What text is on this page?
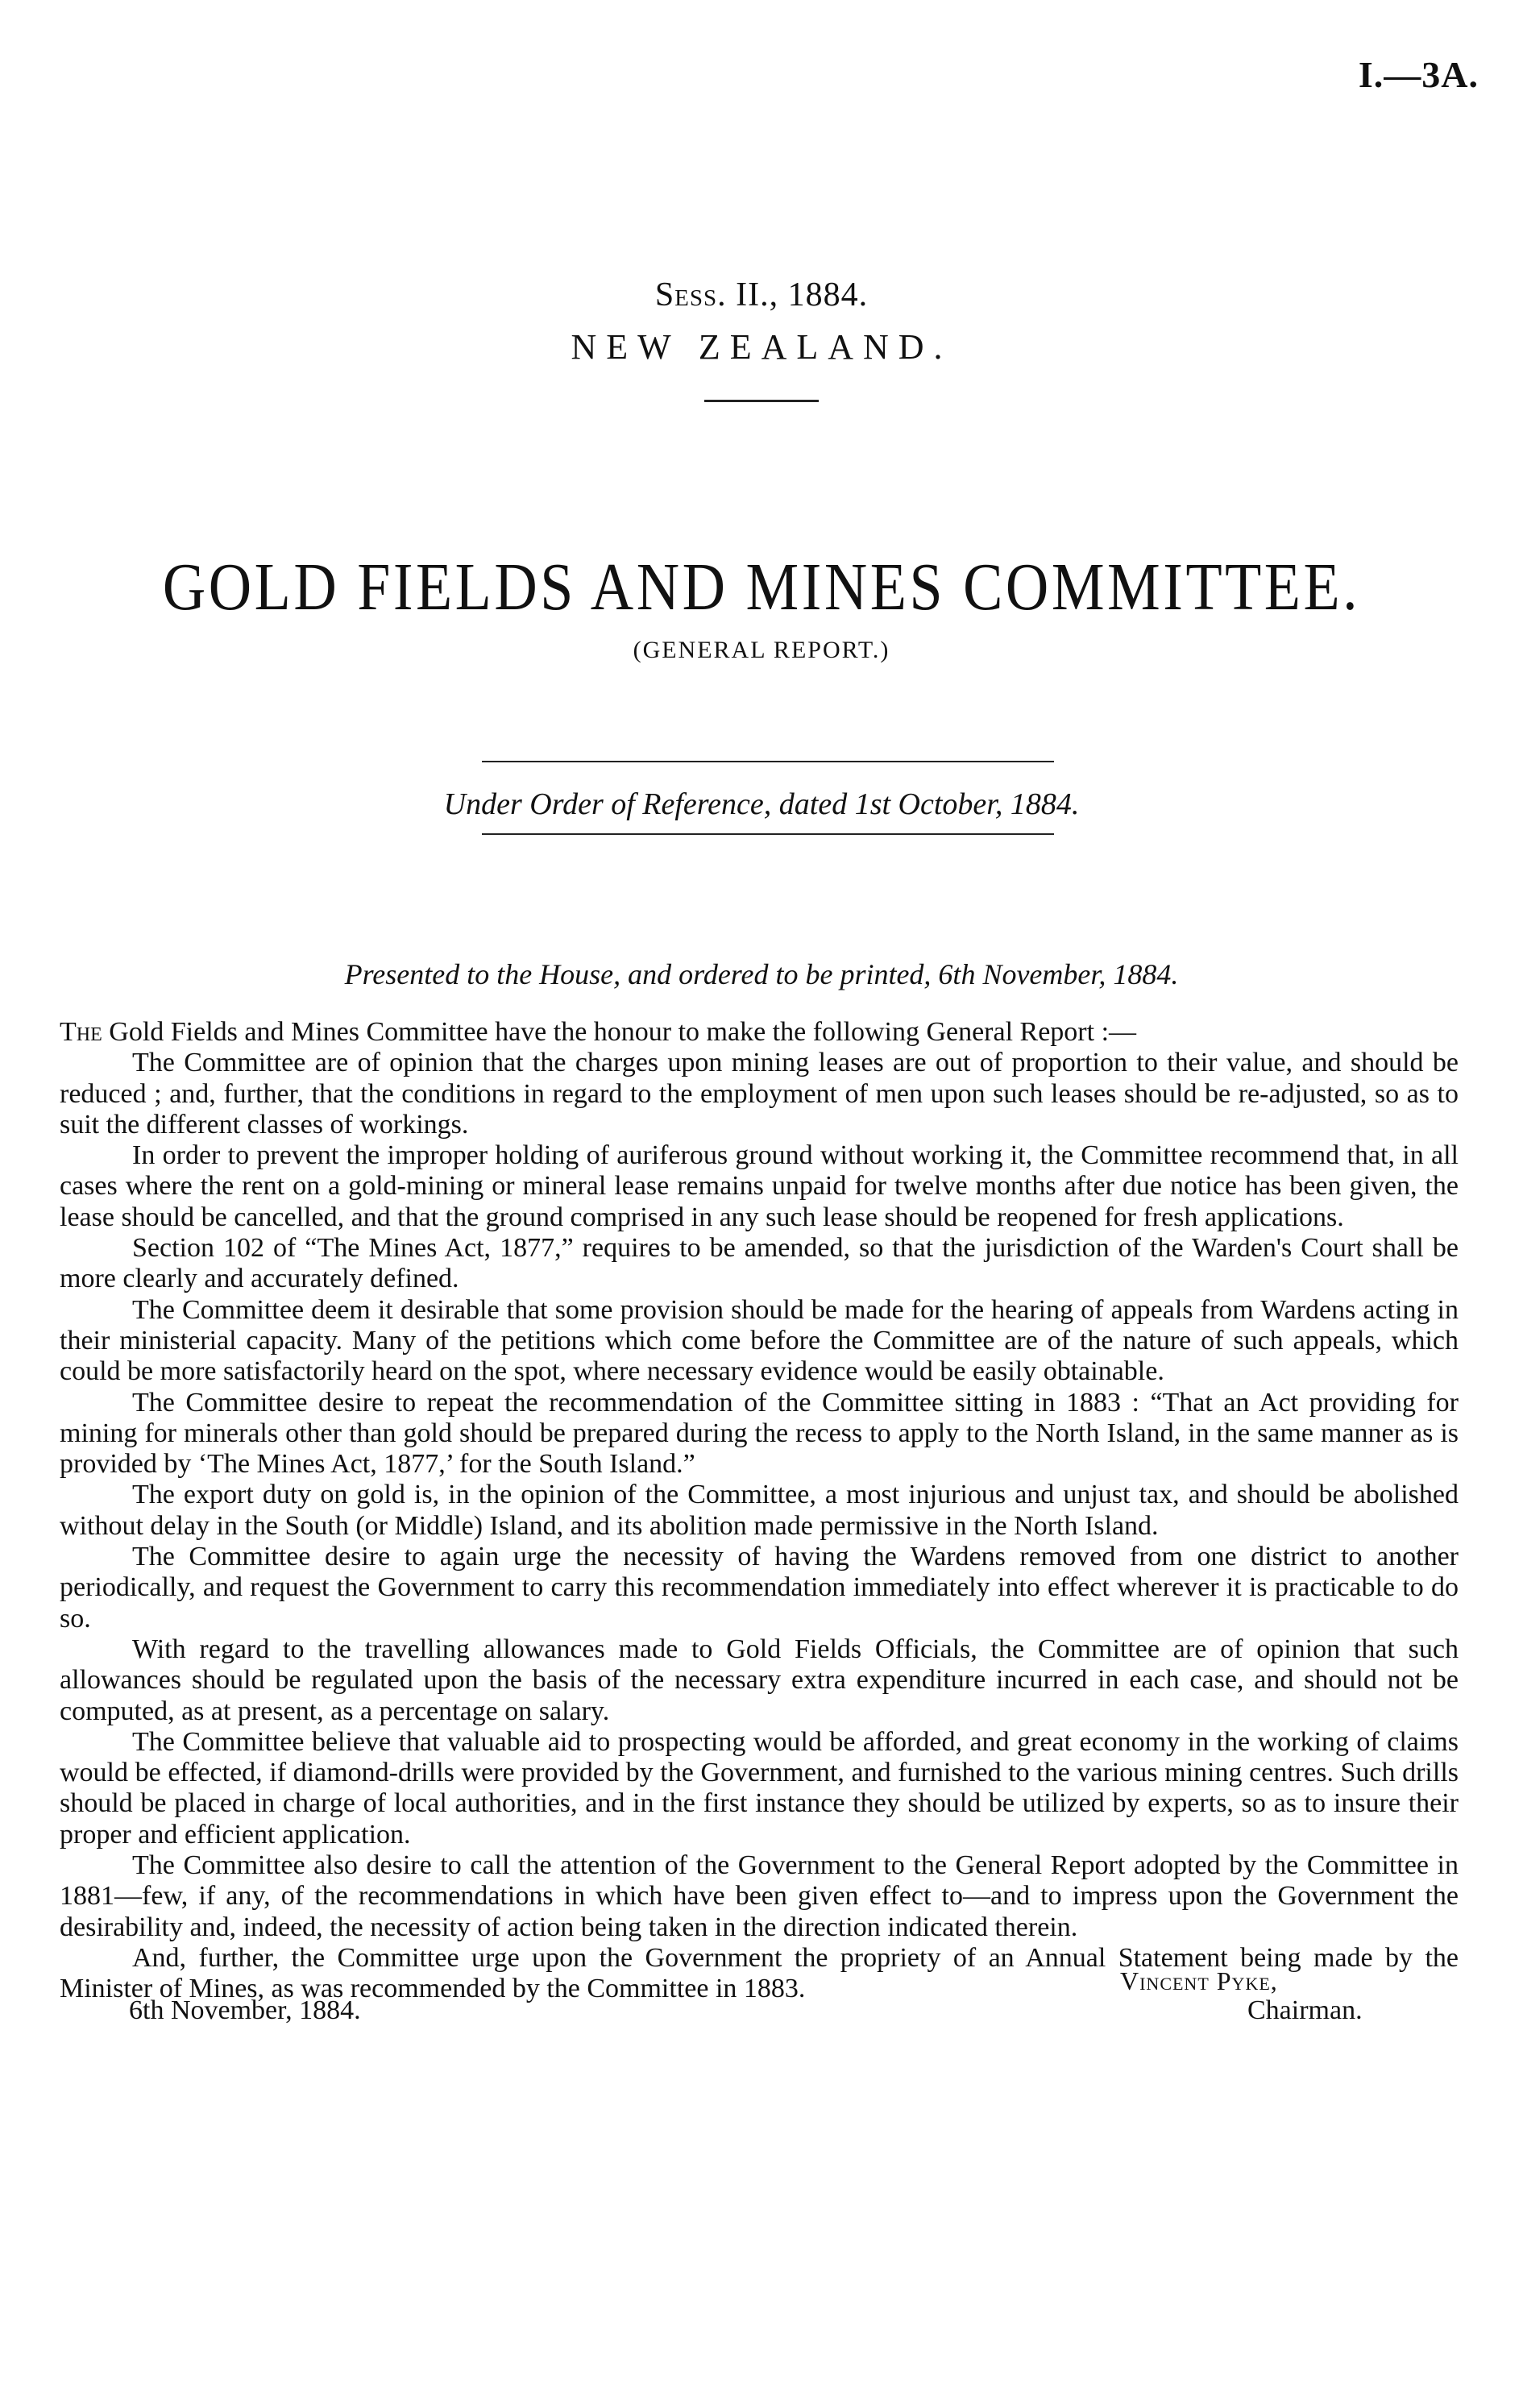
I.—3A.
Sess. II., 1884.
NEW ZEALAND.
GOLD FIELDS AND MINES COMMITTEE.
(GENERAL REPORT.)
Under Order of Reference, dated 1st October, 1884.
Presented to the House, and ordered to be printed, 6th November, 1884.

The Gold Fields and Mines Committee have the honour to make the following General Report :—

The Committee are of opinion that the charges upon mining leases are out of proportion to their value, and should be reduced ; and, further, that the conditions in regard to the employment of men upon such leases should be re-adjusted, so as to suit the different classes of workings.

In order to prevent the improper holding of auriferous ground without working it, the Committee recommend that, in all cases where the rent on a gold-mining or mineral lease remains unpaid for twelve months after due notice has been given, the lease should be cancelled, and that the ground comprised in any such lease should be reopened for fresh applications.

Section 102 of “The Mines Act, 1877,” requires to be amended, so that the jurisdiction of the Warden's Court shall be more clearly and accurately defined.

The Committee deem it desirable that some provision should be made for the hearing of appeals from Wardens acting in their ministerial capacity. Many of the petitions which come before the Committee are of the nature of such appeals, which could be more satisfactorily heard on the spot, where necessary evidence would be easily obtainable.

The Committee desire to repeat the recommendation of the Committee sitting in 1883 : “That an Act providing for mining for minerals other than gold should be prepared during the recess to apply to the North Island, in the same manner as is provided by ‘The Mines Act, 1877,’ for the South Island.”

The export duty on gold is, in the opinion of the Committee, a most injurious and unjust tax, and should be abolished without delay in the South (or Middle) Island, and its abolition made permissive in the North Island.

The Committee desire to again urge the necessity of having the Wardens removed from one district to another periodically, and request the Government to carry this recommendation immediately into effect wherever it is practicable to do so.

With regard to the travelling allowances made to Gold Fields Officials, the Committee are of opinion that such allowances should be regulated upon the basis of the necessary extra expenditure incurred in each case, and should not be computed, as at present, as a percentage on salary.

The Committee believe that valuable aid to prospecting would be afforded, and great economy in the working of claims would be effected, if diamond-drills were provided by the Government, and furnished to the various mining centres. Such drills should be placed in charge of local authorities, and in the first instance they should be utilized by experts, so as to insure their proper and efficient application.

The Committee also desire to call the attention of the Government to the General Report adopted by the Committee in 1881—few, if any, of the recommendations in which have been given effect to—and to impress upon the Government the desirability and, indeed, the necessity of action being taken in the direction indicated therein.

And, further, the Committee urge upon the Government the propriety of an Annual Statement being made by the Minister of Mines, as was recommended by the Committee in 1883.	Vincent Pyke,
6th November, 1884.	Chairman.
